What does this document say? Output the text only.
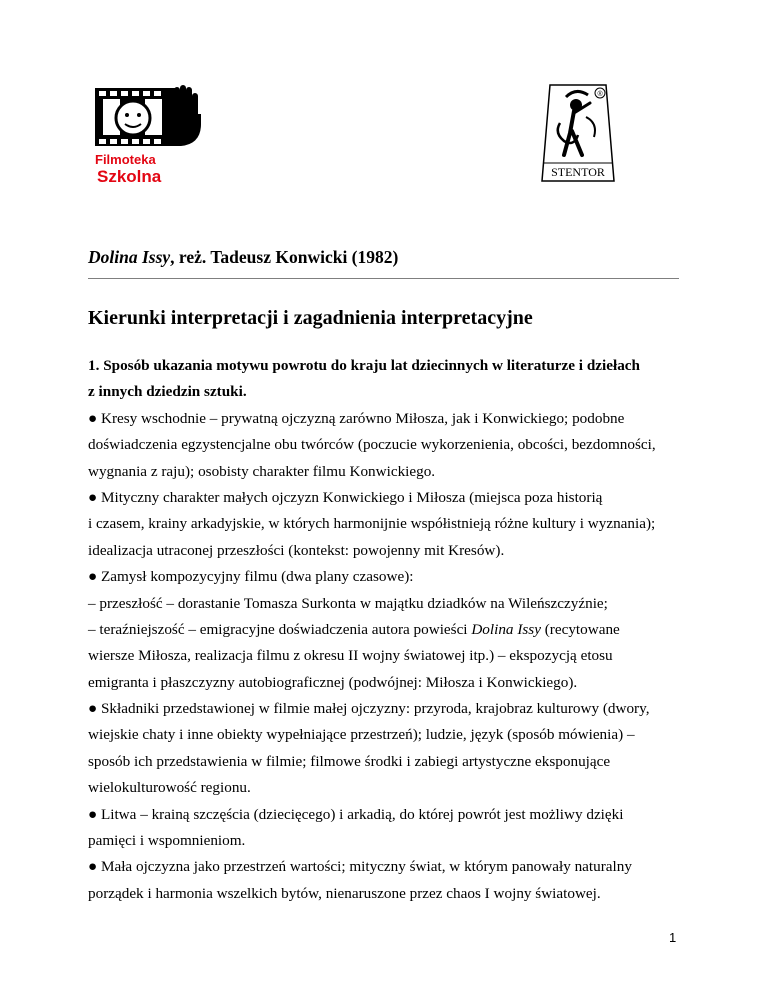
Filmoteka
Szkolna
®
STENTOR
Dolina Issy, reż. Tadeusz Konwicki (1982)
Kierunki interpretacji i zagadnienia interpretacyjne
1. Sposób ukazania motywu powrotu do kraju lat dziecinnych w literaturze i dziełach
z innych dziedzin sztuki.
● Kresy wschodnie – prywatną ojczyzną zarówno Miłosza, jak i Konwickiego; podobne
doświadczenia egzystencjalne obu twórców (poczucie wykorzenienia, obcości, bezdomności,
wygnania z raju); osobisty charakter filmu Konwickiego.
● Mityczny charakter małych ojczyzn Konwickiego i Miłosza (miejsca poza historią
i czasem, krainy arkadyjskie, w których harmonijnie współistnieją różne kultury i wyznania);
idealizacja utraconej przeszłości (kontekst: powojenny mit Kresów).
● Zamysł kompozycyjny filmu (dwa plany czasowe):
– przeszłość – dorastanie Tomasza Surkonta w majątku dziadków na Wileńszczyźnie;
– teraźniejszość – emigracyjne doświadczenia autora powieści Dolina Issy (recytowane
wiersze Miłosza, realizacja filmu z okresu II wojny światowej itp.) – ekspozycją etosu
emigranta i płaszczyzny autobiograficznej (podwójnej: Miłosza i Konwickiego).
● Składniki przedstawionej w filmie małej ojczyzny: przyroda, krajobraz kulturowy (dwory,
wiejskie chaty i inne obiekty wypełniające przestrzeń); ludzie, język (sposób mówienia) –
sposób ich przedstawienia w filmie; filmowe środki i zabiegi artystyczne eksponujące
wielokulturowość regionu.
● Litwa – krainą szczęścia (dziecięcego) i arkadią, do której powrót jest możliwy dzięki
pamięci i wspomnieniom.
● Mała ojczyzna jako przestrzeń wartości; mityczny świat, w którym panowały naturalny
porządek i harmonia wszelkich bytów, nienaruszone przez chaos I wojny światowej.
1
